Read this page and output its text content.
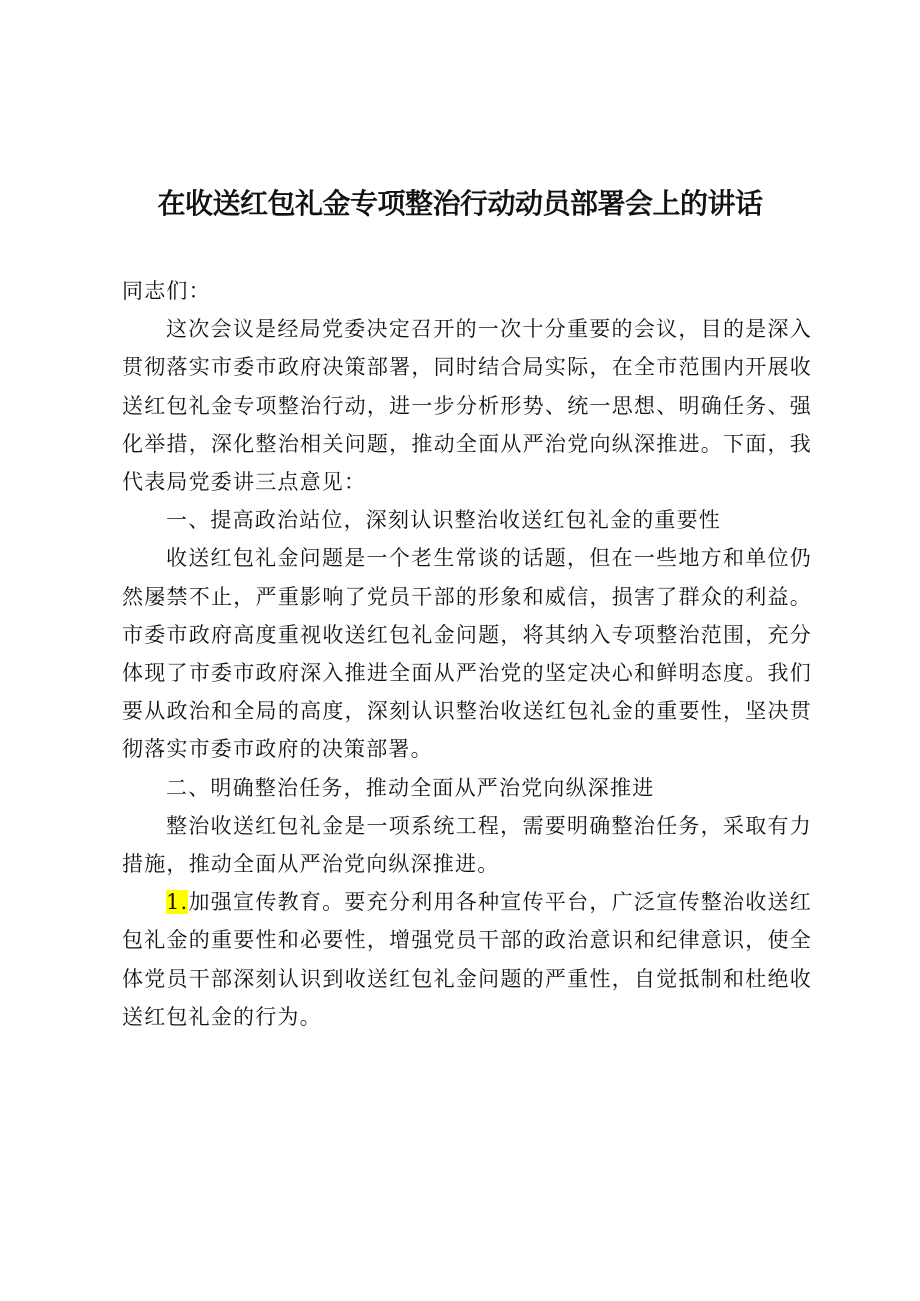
在收送红包礼金专项整治行动动员部署会上的讲话

同志们：

这次会议是经局党委决定召开的一次十分重要的会议，目的是深入贯彻落实市委市政府决策部署，同时结合局实际，在全市范围内开展收送红包礼金专项整治行动，进一步分析形势、统一思想、明确任务、强化举措，深化整治相关问题，推动全面从严治党向纵深推进。下面，我代表局党委讲三点意见：

一、提高政治站位，深刻认识整治收送红包礼金的重要性

收送红包礼金问题是一个老生常谈的话题，但在一些地方和单位仍然屡禁不止，严重影响了党员干部的形象和威信，损害了群众的利益。市委市政府高度重视收送红包礼金问题，将其纳入专项整治范围，充分体现了市委市政府深入推进全面从严治党的坚定决心和鲜明态度。我们要从政治和全局的高度，深刻认识整治收送红包礼金的重要性，坚决贯彻落实市委市政府的决策部署。

二、明确整治任务，推动全面从严治党向纵深推进

整治收送红包礼金是一项系统工程，需要明确整治任务，采取有力措施，推动全面从严治党向纵深推进。

1.加强宣传教育。要充分利用各种宣传平台，广泛宣传整治收送红包礼金的重要性和必要性，增强党员干部的政治意识和纪律意识，使全体党员干部深刻认识到收送红包礼金问题的严重性，自觉抵制和杜绝收送红包礼金的行为。
